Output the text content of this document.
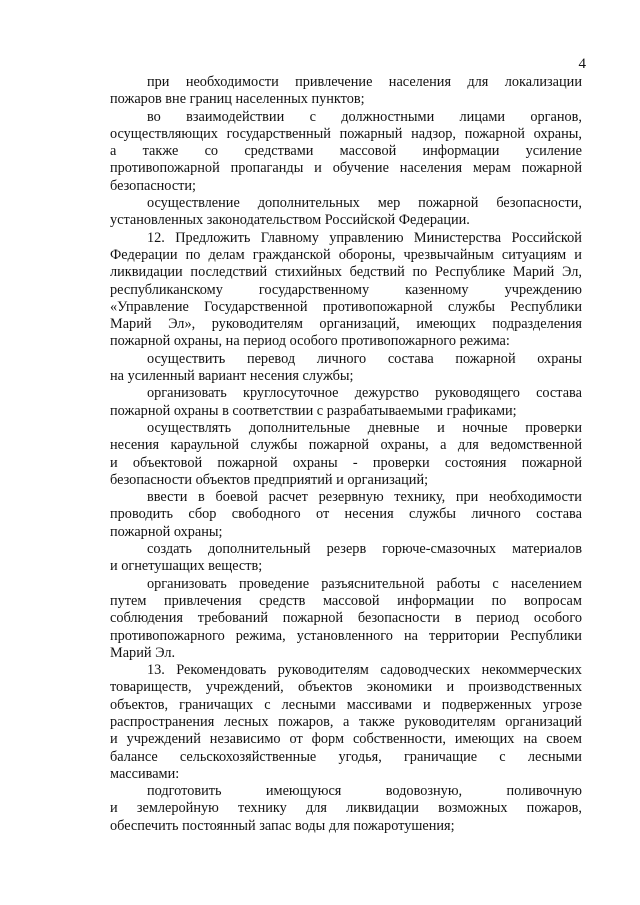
4
при необходимости привлечение населения для локализации
пожаров вне границ населенных пунктов;
во взаимодействии с должностными лицами органов,
осуществляющих государственный пожарный надзор, пожарной охраны,
а также со средствами массовой информации усиление
противопожарной пропаганды и обучение населения мерам пожарной
безопасности;
осуществление дополнительных мер пожарной безопасности,
установленных законодательством Российской Федерации.
12. Предложить Главному управлению Министерства Российской
Федерации по делам гражданской обороны, чрезвычайным ситуациям и
ликвидации последствий стихийных бедствий по Республике Марий Эл,
республиканскому	государственному	казенному	учреждению
«Управление Государственной противопожарной службы Республики
Марий Эл», руководителям организаций, имеющих подразделения
пожарной охраны, на период особого противопожарного режима:
осуществить перевод личного состава пожарной охраны
на усиленный вариант несения службы;
организовать круглосуточное дежурство руководящего состава
пожарной охраны в соответствии с разрабатываемыми графиками;
осуществлять дополнительные дневные и ночные проверки
несения караульной службы пожарной охраны, а для ведомственной
и объектовой пожарной охраны - проверки состояния пожарной
безопасности объектов предприятий и организаций;
ввести в боевой расчет резервную технику, при необходимости
проводить сбор свободного от несения службы личного состава
пожарной охраны;
создать дополнительный резерв горюче-смазочных материалов
и огнетушащих веществ;
организовать проведение разъяснительной работы с населением
путем привлечения средств массовой информации по вопросам
соблюдения требований пожарной безопасности в период особого
противопожарного режима, установленного на территории Республики
Марий Эл.
13. Рекомендовать руководителям садоводческих некоммерческих
товариществ, учреждений, объектов экономики и производственных
объектов, граничащих с лесными массивами и подверженных угрозе
распространения лесных пожаров, а также руководителям организаций
и учреждений независимо от форм собственности, имеющих на своем
балансе сельскохозяйственные угодья, граничащие с лесными
массивами:
подготовить	имеющуюся	водовозную,	поливочную
и землеройную технику для ликвидации возможных пожаров,
обеспечить постоянный запас воды для пожаротушения;
